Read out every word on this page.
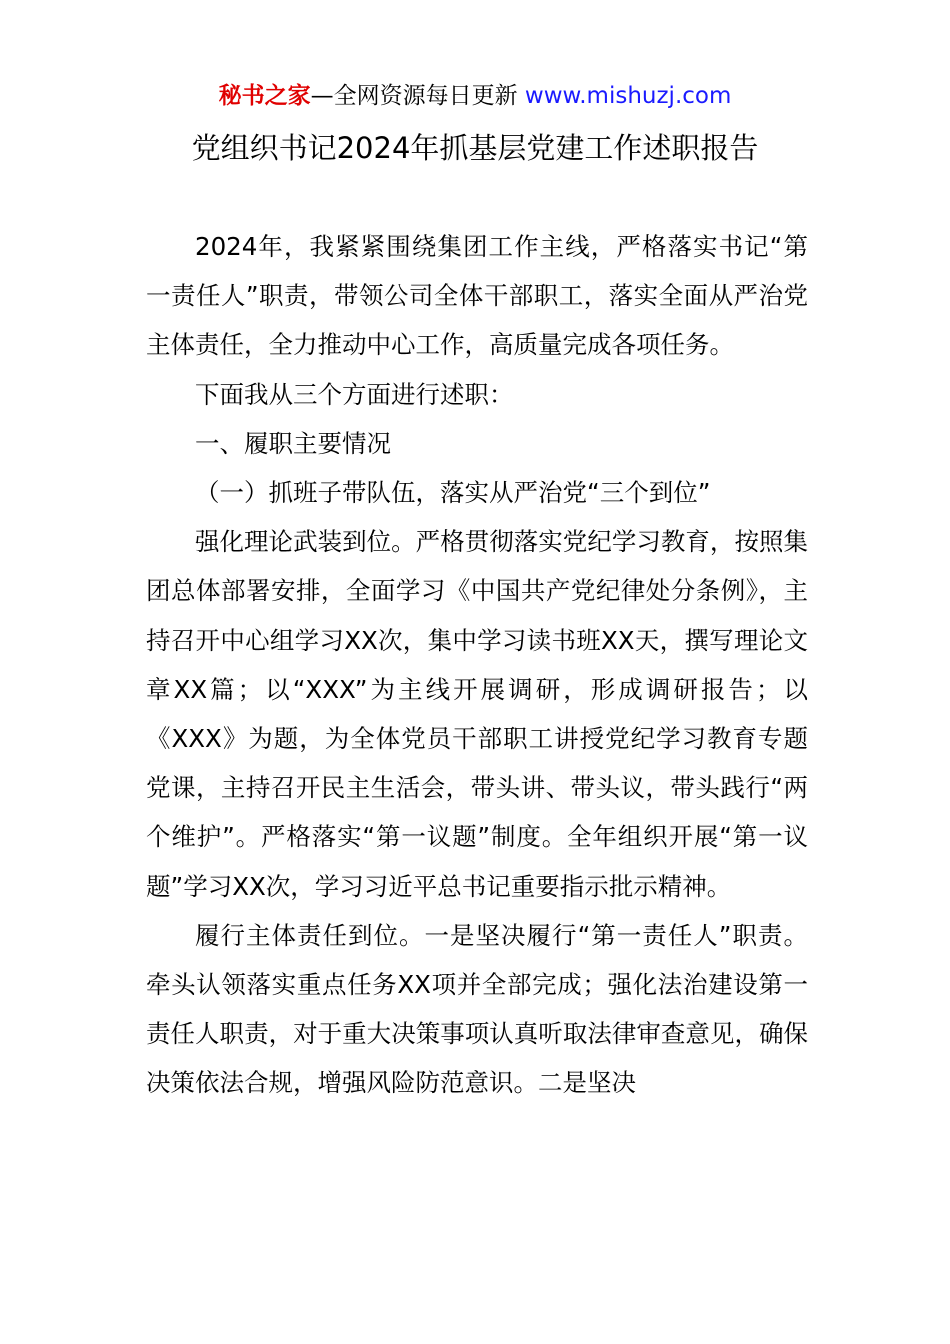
秘书之家—全网资源每日更新 www.mishuzj.com
党组织书记2024年抓基层党建工作述职报告

2024年，我紧紧围绕集团工作主线，严格落实书记“第一责任人”职责，带领公司全体干部职工，落实全面从严治党主体责任，全力推动中心工作，高质量完成各项任务。

下面我从三个方面进行述职：

一、履职主要情况

（一）抓班子带队伍，落实从严治党“三个到位”

强化理论武装到位。严格贯彻落实党纪学习教育，按照集团总体部署安排，全面学习《中国共产党纪律处分条例》，主持召开中心组学习XX次，集中学习读书班XX天，撰写理论文章XX篇；以“XXX”为主线开展调研，形成调研报告；以《XXX》为题，为全体党员干部职工讲授党纪学习教育专题党课，主持召开民主生活会，带头讲、带头议，带头践行“两个维护”。严格落实“第一议题”制度。全年组织开展“第一议题”学习XX次，学习习近平总书记重要指示批示精神。

履行主体责任到位。一是坚决履行“第一责任人”职责。牵头认领落实重点任务XX项并全部完成；强化法治建设第一责任人职责，对于重大决策事项认真听取法律审查意见，确保决策依法合规，增强风险防范意识。二是坚决
